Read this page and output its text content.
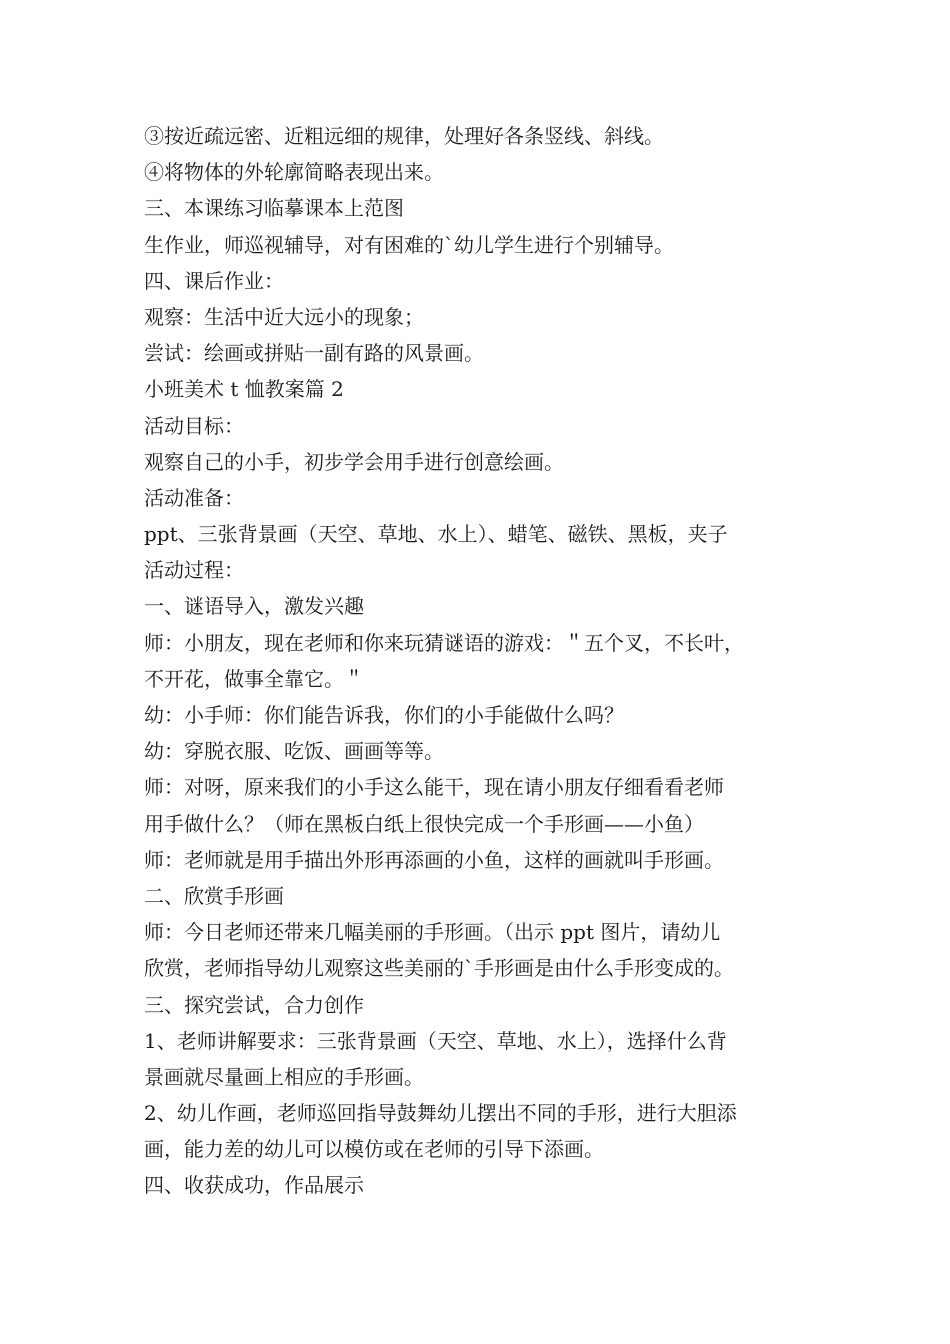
③按近疏远密、近粗远细的规律，处理好各条竖线、斜线。
④将物体的外轮廓简略表现出来。
三、本课练习临摹课本上范图
生作业，师巡视辅导，对有困难的`幼儿学生进行个别辅导。
四、课后作业：
观察：生活中近大远小的现象；
尝试：绘画或拼贴一副有路的风景画。
小班美术 t 恤教案篇 2
活动目标：
观察自己的小手，初步学会用手进行创意绘画。
活动准备：
ppt、三张背景画（天空、草地、水上）、蜡笔、磁铁、黑板，夹子
活动过程：
一、谜语导入，激发兴趣
师：小朋友，现在老师和你来玩猜谜语的游戏：＂五个叉，不长叶，
不开花，做事全靠它。＂
幼：小手师：你们能告诉我，你们的小手能做什么吗？
幼：穿脱衣服、吃饭、画画等等。
师：对呀，原来我们的小手这么能干，现在请小朋友仔细看看老师
用手做什么？（师在黑板白纸上很快完成一个手形画——小鱼）
师：老师就是用手描出外形再添画的小鱼，这样的画就叫手形画。
二、欣赏手形画
师：今日老师还带来几幅美丽的手形画。（出示 ppt 图片，请幼儿
欣赏，老师指导幼儿观察这些美丽的`手形画是由什么手形变成的。
三、探究尝试，合力创作
1、老师讲解要求：三张背景画（天空、草地、水上），选择什么背
景画就尽量画上相应的手形画。
2、幼儿作画，老师巡回指导鼓舞幼儿摆出不同的手形，进行大胆添
画，能力差的幼儿可以模仿或在老师的引导下添画。
四、收获成功，作品展示
